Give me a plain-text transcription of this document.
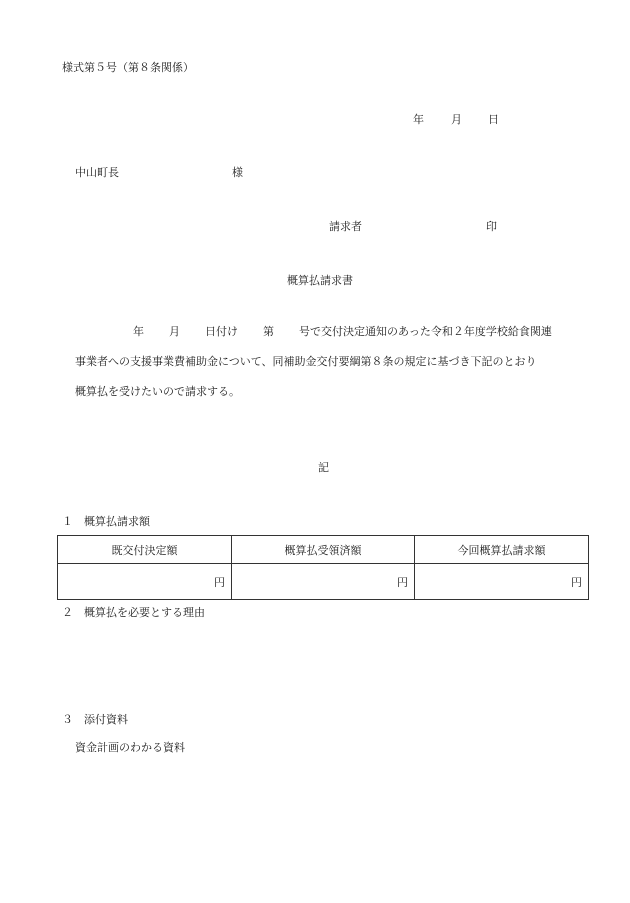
様式第５号（第８条関係）
年 月 日
中山町長	様
請求者	印
概算払請求書
年 月 日付け 第 号で交付決定通知のあった令和２年度学校給食関連
事業者への支援事業費補助金について、同補助金交付要綱第８条の規定に基づき下記のとおり
概算払を受けたいので請求する。
記
１　概算払請求額
既交付決定額	概算払受領済額	今回概算払請求額
円	円	円
２　概算払を必要とする理由
３　添付資料
資金計画のわかる資料
